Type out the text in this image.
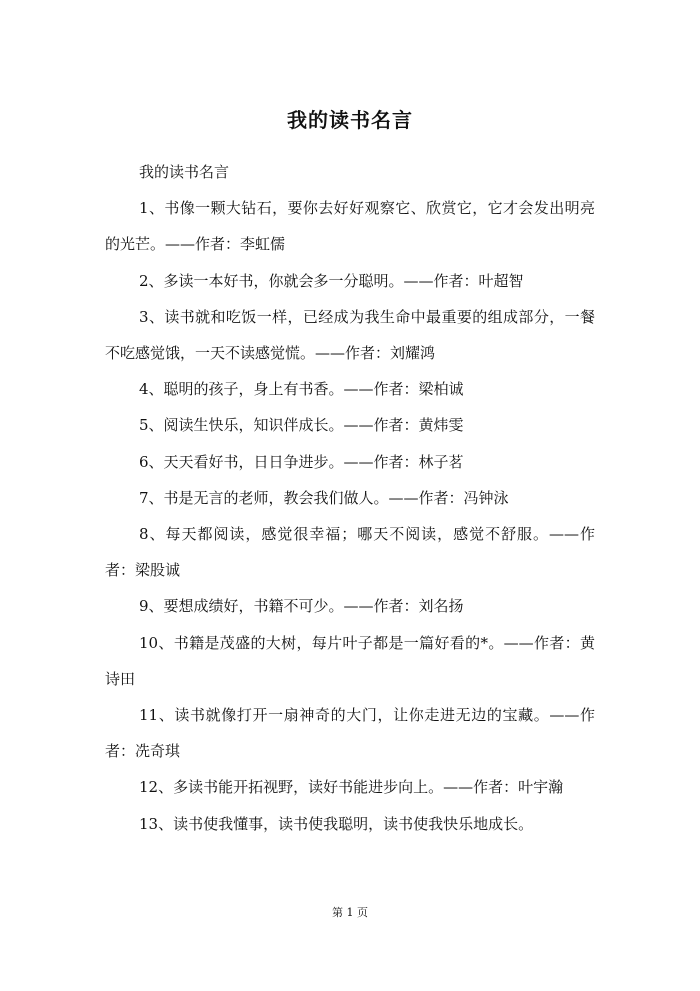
我的读书名言

我的读书名言

1、书像一颗大钻石，要你去好好观察它、欣赏它，它才会发出明亮的光芒。——作者：李虹儒

2、多读一本好书，你就会多一分聪明。——作者：叶超智

3、读书就和吃饭一样，已经成为我生命中最重要的组成部分，一餐不吃感觉饿，一天不读感觉慌。——作者：刘耀鸿

4、聪明的孩子，身上有书香。——作者：梁柏诚

5、阅读生快乐，知识伴成长。——作者：黄炜雯

6、天天看好书，日日争进步。——作者：林子茗

7、书是无言的老师，教会我们做人。——作者：冯钟泳

8、每天都阅读，感觉很幸福；哪天不阅读，感觉不舒服。——作者：梁股诚

9、要想成绩好，书籍不可少。——作者：刘名扬

10、书籍是茂盛的大树，每片叶子都是一篇好看的*。——作者：黄诗田

11、读书就像打开一扇神奇的大门，让你走进无边的宝藏。——作者：冼奇琪

12、多读书能开拓视野，读好书能进步向上。——作者：叶宇瀚

13、读书使我懂事，读书使我聪明，读书使我快乐地成长。

第 1 页
